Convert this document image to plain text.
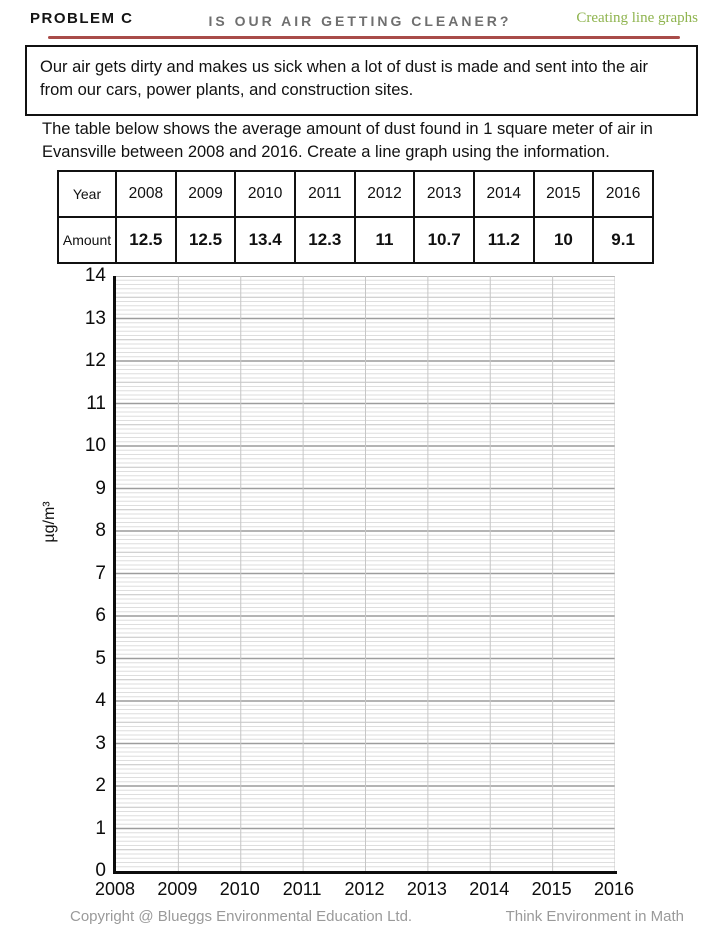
PROBLEM C	IS OUR AIR GETTING CLEANER?	Creating line graphs
Our air gets dirty and makes us sick when a lot of dust is made and sent into the air from our cars, power plants, and construction sites.
The table below shows the average amount of dust found in 1 square meter of air in Evansville between 2008 and 2016. Create a line graph using the information.
Year	2008	2009	2010	2011	2012	2013	2014	2015	2016
Amount	12.5	12.5	13.4	12.3	11	10.7	11.2	10	9.1
µg/m³
14
13
12
11
10
9
8
7
6
5
4
3
2
1
0
2008 2009 2010 2011 2012 2013 2014 2015 2016
Copyright @ Blueggs Environmental Education Ltd.	Think Environment in Math
